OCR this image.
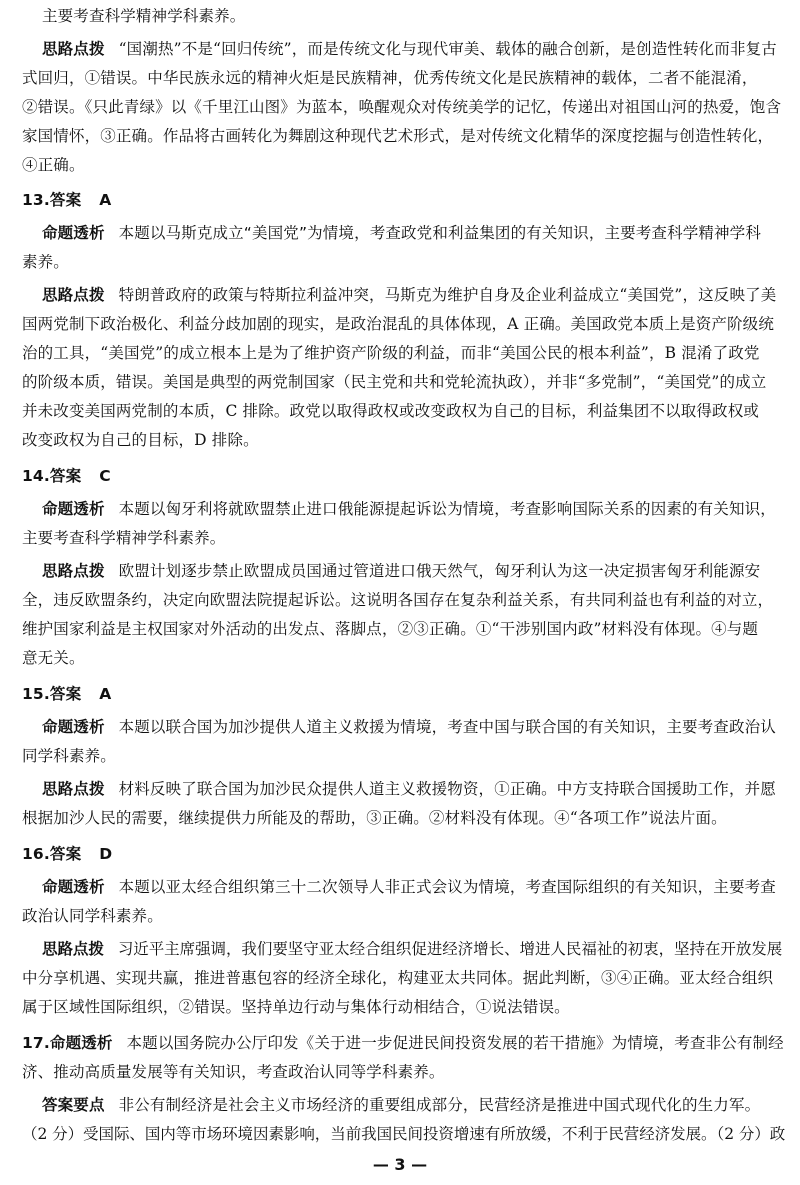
主要考查科学精神学科素养。
思路点拨 “国潮热”不是“回归传统”，而是传统文化与现代审美、载体的融合创新，是创造性转化而非复古
式回归，①错误。中华民族永远的精神火炬是民族精神，优秀传统文化是民族精神的载体，二者不能混淆，
②错误。《只此青绿》以《千里江山图》为蓝本，唤醒观众对传统美学的记忆，传递出对祖国山河的热爱，饱含
家国情怀，③正确。作品将古画转化为舞剧这种现代艺术形式，是对传统文化精华的深度挖掘与创造性转化，
④正确。
13.答案 A
命题透析 本题以马斯克成立“美国党”为情境，考查政党和利益集团的有关知识，主要考查科学精神学科
素养。
思路点拨 特朗普政府的政策与特斯拉利益冲突，马斯克为维护自身及企业利益成立“美国党”，这反映了美
国两党制下政治极化、利益分歧加剧的现实，是政治混乱的具体体现，A 正确。美国政党本质上是资产阶级统
治的工具，“美国党”的成立根本上是为了维护资产阶级的利益，而非“美国公民的根本利益”，B 混淆了政党
的阶级本质，错误。美国是典型的两党制国家（民主党和共和党轮流执政），并非“多党制”，“美国党”的成立
并未改变美国两党制的本质，C 排除。政党以取得政权或改变政权为自己的目标，利益集团不以取得政权或
改变政权为自己的目标，D 排除。
14.答案 C
命题透析 本题以匈牙利将就欧盟禁止进口俄能源提起诉讼为情境，考查影响国际关系的因素的有关知识，
主要考查科学精神学科素养。
思路点拨 欧盟计划逐步禁止欧盟成员国通过管道进口俄天然气，匈牙利认为这一决定损害匈牙利能源安
全，违反欧盟条约，决定向欧盟法院提起诉讼。这说明各国存在复杂利益关系，有共同利益也有利益的对立，
维护国家利益是主权国家对外活动的出发点、落脚点，②③正确。①“干涉别国内政”材料没有体现。④与题
意无关。
15.答案 A
命题透析 本题以联合国为加沙提供人道主义救援为情境，考查中国与联合国的有关知识，主要考查政治认
同学科素养。
思路点拨 材料反映了联合国为加沙民众提供人道主义救援物资，①正确。中方支持联合国援助工作，并愿
根据加沙人民的需要，继续提供力所能及的帮助，③正确。②材料没有体现。④“各项工作”说法片面。
16.答案 D
命题透析 本题以亚太经合组织第三十二次领导人非正式会议为情境，考查国际组织的有关知识，主要考查
政治认同学科素养。
思路点拨 习近平主席强调，我们要坚守亚太经合组织促进经济增长、增进人民福祉的初衷，坚持在开放发展
中分享机遇、实现共赢，推进普惠包容的经济全球化，构建亚太共同体。据此判断，③④正确。亚太经合组织
属于区域性国际组织，②错误。坚持单边行动与集体行动相结合，①说法错误。
17.命题透析 本题以国务院办公厅印发《关于进一步促进民间投资发展的若干措施》为情境，考查非公有制经
济、推动高质量发展等有关知识，考查政治认同等学科素养。
答案要点 非公有制经济是社会主义市场经济的重要组成部分，民营经济是推进中国式现代化的生力军。
（2 分）受国际、国内等市场环境因素影响，当前我国民间投资增速有所放缓，不利于民营经济发展。（2 分）政
— 3 —
